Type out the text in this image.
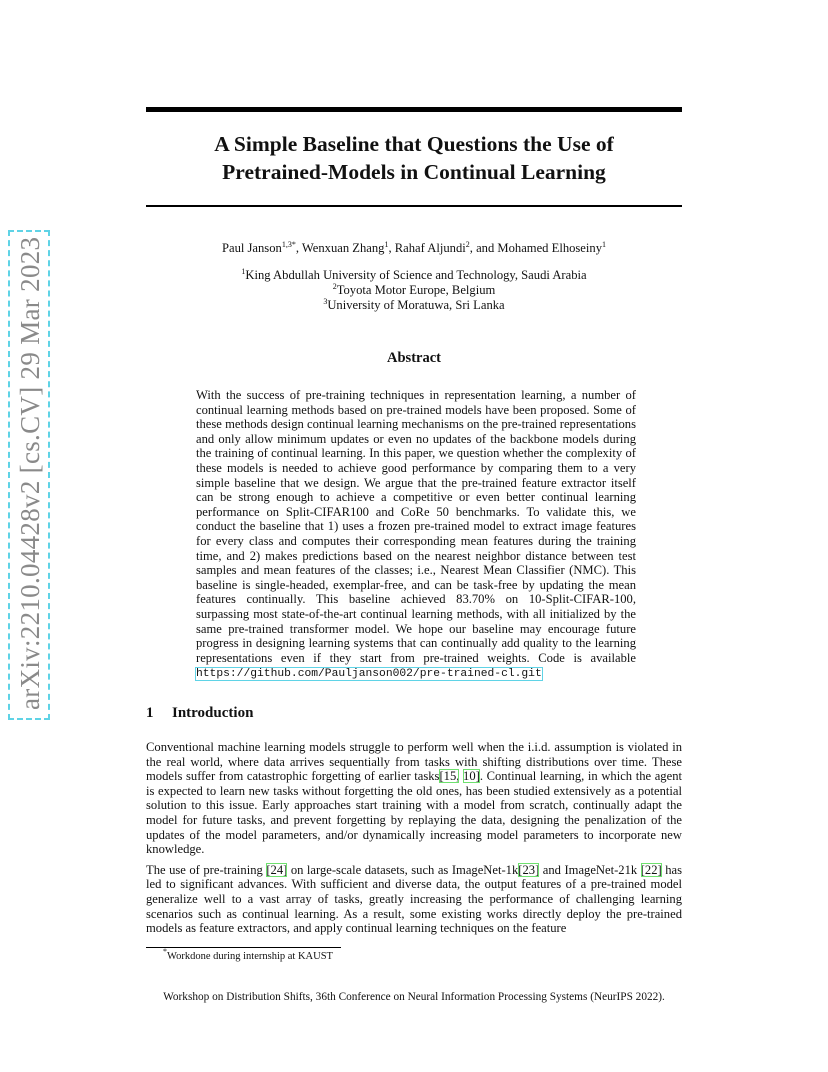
arXiv:2210.04428v2 [cs.CV] 29 Mar 2023
A Simple Baseline that Questions the Use of
Pretrained-Models in Continual Learning
Paul Janson$^{1,3*}$, Wenxuan Zhang$^1$, Rahaf Aljundi$^2$, and Mohamed Elhoseiny$^1$
$^1$King Abdullah University of Science and Technology, Saudi Arabia
$^2$Toyota Motor Europe, Belgium
$^3$University of Moratuwa, Sri Lanka
Abstract
With the success of pre-training techniques in representation learning, a number of continual learning methods based on pre-trained models have been proposed. Some of these methods design continual learning mechanisms on the pre-trained representations and only allow minimum updates or even no updates of the backbone models during the training of continual learning. In this paper, we question whether the complexity of these models is needed to achieve good performance by comparing them to a very simple baseline that we design. We argue that the pre-trained feature extractor itself can be strong enough to achieve a competitive or even better continual learning performance on Split-CIFAR100 and CoRe 50 benchmarks. To validate this, we conduct the baseline that 1) uses a frozen pre-trained model to extract image features for every class and computes their corresponding mean features during the training time, and 2) makes predictions based on the nearest neighbor distance between test samples and mean features of the classes; i.e., Nearest Mean Classifier (NMC). This baseline is single-headed, exemplar-free, and can be task-free by updating the mean features continually. This baseline achieved 83.70% on 10-Split-CIFAR-100, surpassing most state-of-the-art continual learning methods, with all initialized by the same pre-trained transformer model. We hope our baseline may encourage future progress in designing learning systems that can continually add quality to the learning representations even if they start from pre-trained weights. Code is available https://github.com/Pauljanson002/pre-trained-cl.git
1 Introduction

Conventional machine learning models struggle to perform well when the i.i.d. assumption is violated in the real world, where data arrives sequentially from tasks with shifting distributions over time. These models suffer from catastrophic forgetting of earlier tasks[15, 10]. Continual learning, in which the agent is expected to learn new tasks without forgetting the old ones, has been studied extensively as a potential solution to this issue. Early approaches start training with a model from scratch, continually adapt the model for future tasks, and prevent forgetting by replaying the data, designing the penalization of the updates of the model parameters, and/or dynamically increasing model parameters to incorporate new knowledge.

The use of pre-training [24] on large-scale datasets, such as ImageNet-1k[23] and ImageNet-21k [22] has led to significant advances. With sufficient and diverse data, the output features of a pre-trained model generalize well to a vast array of tasks, greatly increasing the performance of challenging learning scenarios such as continual learning. As a result, some existing works directly deploy the pre-trained models as feature extractors, and apply continual learning techniques on the feature

*Workdone during internship at KAUST
Workshop on Distribution Shifts, 36th Conference on Neural Information Processing Systems (NeurIPS 2022).
